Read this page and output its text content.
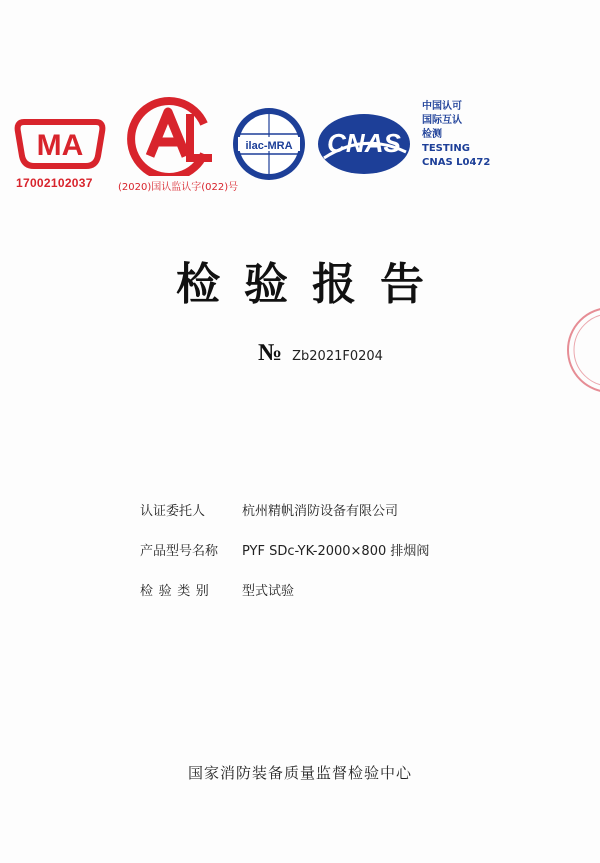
MA	ilac-MRA CNAS
17002102037	(2020)国认监认字(022)号
中国认可
国际互认
检测
TESTING
CNAS L0472
检验报告
№ Zb2021F0204
认证委托人	杭州精帆消防设备有限公司
产品型号名称	PYF SDc-YK-2000×800 排烟阀
检验类别	型式试验
国家消防装备质量监督检验中心
